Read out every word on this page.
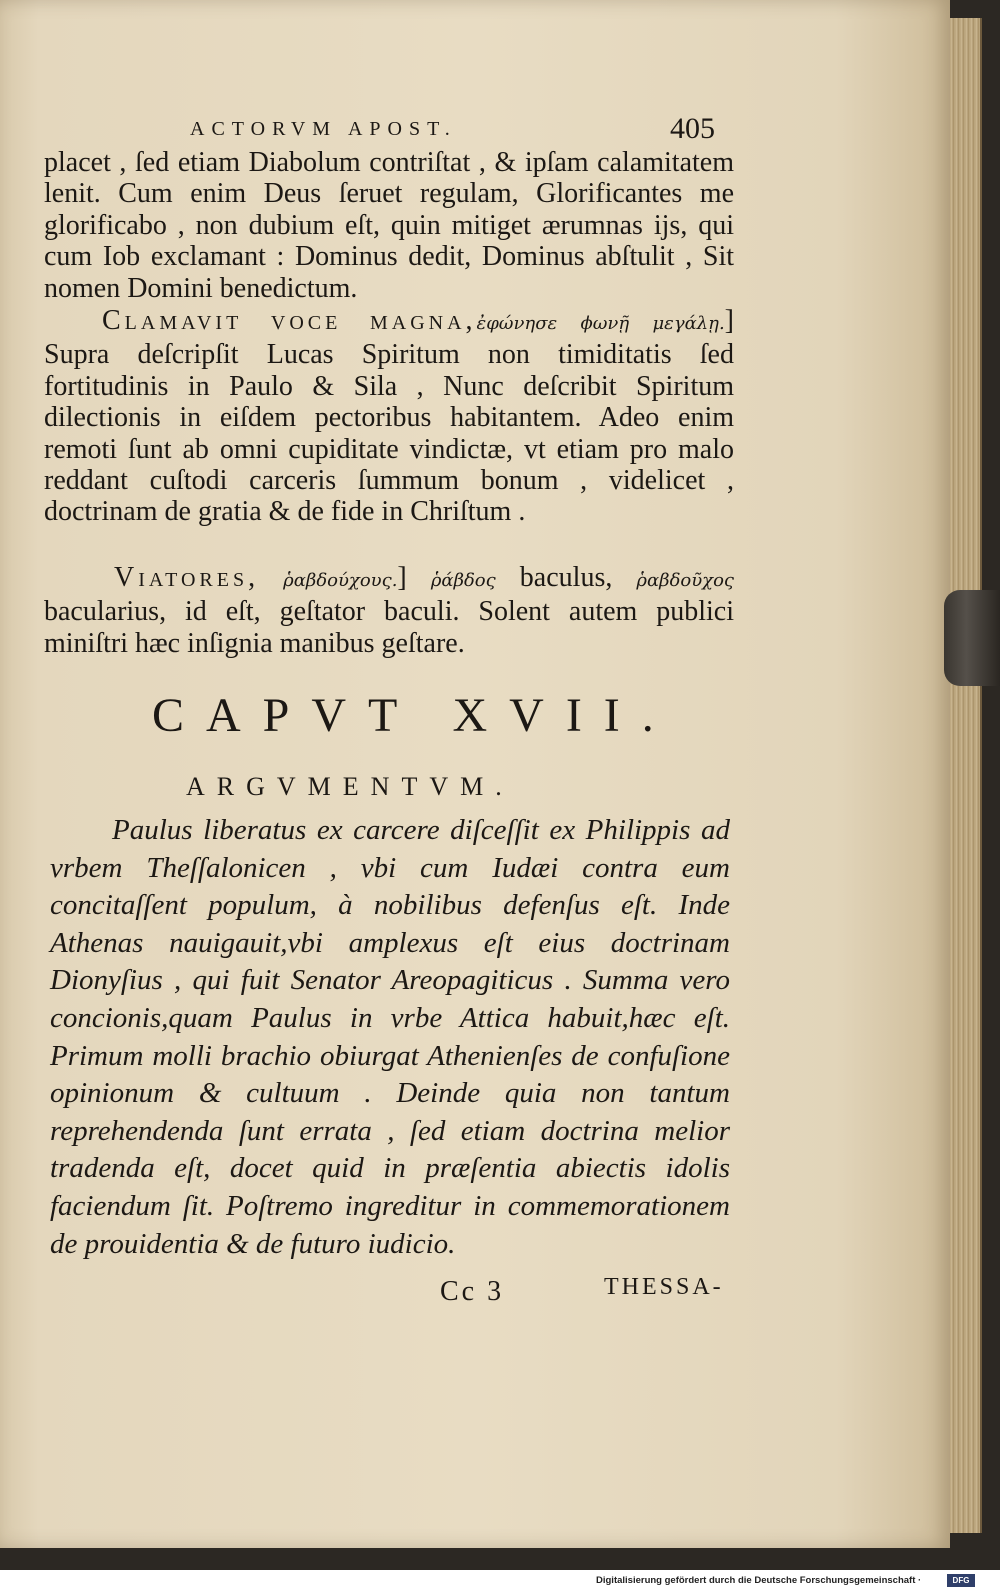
ACTORVM APOST.	405
placet , ſed etiam Diabolum contriſtat , & ipſam calamitatem lenit. Cum enim Deus ſeruet regulam, Glorificantes me glorificabo , non dubium eſt, quin mitiget ærumnas ijs, qui cum Iob exclamant : Dominus dedit, Dominus abſtulit , Sit nomen Domini benedictum.
Clamavit voce magna,ἐφώνησε ϕωνῇ μεγάλῃ.] Supra deſcripſit Lucas Spiritum non timiditatis ſed fortitudinis in Paulo & Sila , Nunc deſcribit Spiritum dilectionis in eiſdem pectoribus habitantem. Adeo enim remoti ſunt ab omni cupiditate vindictæ, vt etiam pro malo reddant cuſtodi carceris ſummum bonum , videlicet , doctrinam de gratia & de fide in Chriſtum .
Viatores, ῥαβδούχους.] ῥάβδος baculus, ῥαβδοῦχος bacularius, id eſt, geſtator baculi. Solent autem publici miniſtri hæc inſignia manibus geſtare.
CAPVT XVII.
ARGVMENTVM.
Paulus liberatus ex carcere diſceſſit ex Philippis ad vrbem Theſſalonicen , vbi cum Iudæi contra eum concitaſſent populum, à nobilibus defenſus eſt. Inde Athenas nauigauit,vbi amplexus eſt eius doctrinam Dionyſius , qui fuit Senator Areopagiticus . Summa vero concionis,quam Paulus in vrbe Attica habuit,hæc eſt. Primum molli brachio obiurgat Athenienſes de confuſione opinionum & cultuum . Deinde quia non tantum reprehendenda ſunt errata , ſed etiam doctrina melior tradenda eſt, docet quid in præſentia abiectis idolis faciendum ſit. Poſtremo ingreditur in commemorationem de prouidentia & de futuro iudicio.
Cc 3	THESSA-
Digitalisierung gefördert durch die Deutsche Forschungsgemeinschaft ·	DFG
